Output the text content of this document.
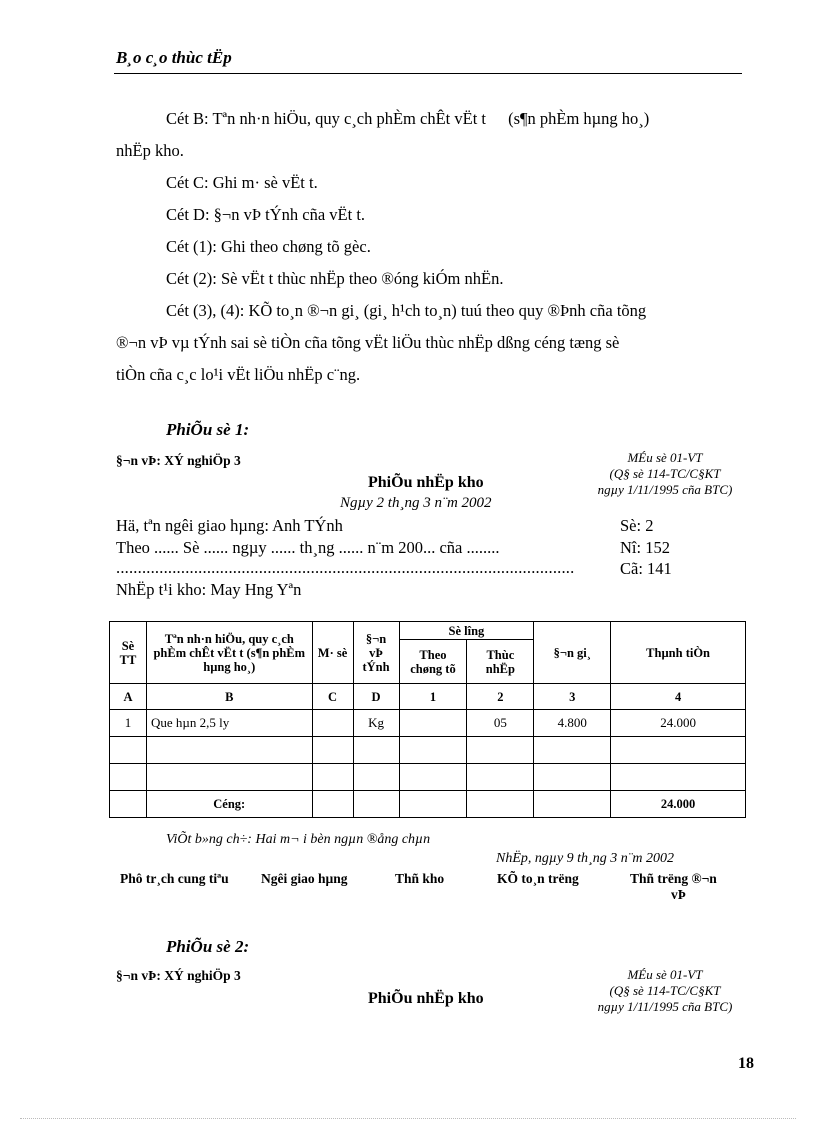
B¸o c¸o thùc tËp
Cét B: Tªn nh·n hiÖu, quy c¸ch phÈm chÊt vËt t (s¶n phÈm hµng ho¸)
nhËp kho.
Cét C: Ghi m· sè vËt t.
Cét D: §¬n vÞ tÝnh cña vËt t.
Cét (1): Ghi theo chøng tõ gèc.
Cét (2): Sè vËt t thùc nhËp theo ®óng kiÓm nhËn.
Cét (3), (4): KÕ to¸n ®¬n gi¸ (gi¸ h¹ch to¸n) tuú theo quy ®Þnh cña tõng
®¬n vÞ vµ tÝnh sai sè tiÒn cña tõng vËt liÖu thùc nhËp dßng céng tæng sè
tiÒn cña c¸c lo¹i vËt liÖu nhËp c¨ng.
PhiÕu sè 1:
§¬n vÞ: XÝ nghiÖp 3	MÉu sè 01-VT
(Q§ sè 114-TC/C§KT
ngµy 1/11/1995 cña BTC)
PhiÕu nhËp kho
Ngµy 2 th¸ng 3 n¨m 2002
Hä, tªn ngêi giao hµng: Anh TÝnh
Theo ...... Sè ...... ngµy ...... th¸ng ...... n¨m 200... cña ........
..........................................................................................................
NhËp t¹i kho: May Hng Yªn
Sè: 2
Nî: 152
Cã: 141
Sè TT	Tªn nh·n hiÖu, quy c¸ch phÈm chÊt vËt t (s¶n phÈm hµng ho¸)	M· sè	§¬n vÞ tÝnh	Sè lîng		§¬n gi¸	Thµnh tiÒn
				Theo chøng tõ	Thùc nhËp		
A	B	C	D	1	2	3	4
1	Que hµn 2,5 ly		Kg		05	4.800	24.000

	Céng:						24.000
ViÕt b»ng ch÷: Hai m¬ i bèn ngµn ®ång chµn
NhËp, ngµy 9 th¸ng 3 n¨m 2002
Phô tr¸ch cung tiªu Ngêi giao hµng	Thñ kho	KÕ to¸n trëng	Thñ trëng ®¬n
vÞ
PhiÕu sè 2:
§¬n vÞ: XÝ nghiÖp 3	MÉu sè 01-VT
(Q§ sè 114-TC/C§KT
ngµy 1/11/1995 cña BTC)
PhiÕu nhËp kho
18
